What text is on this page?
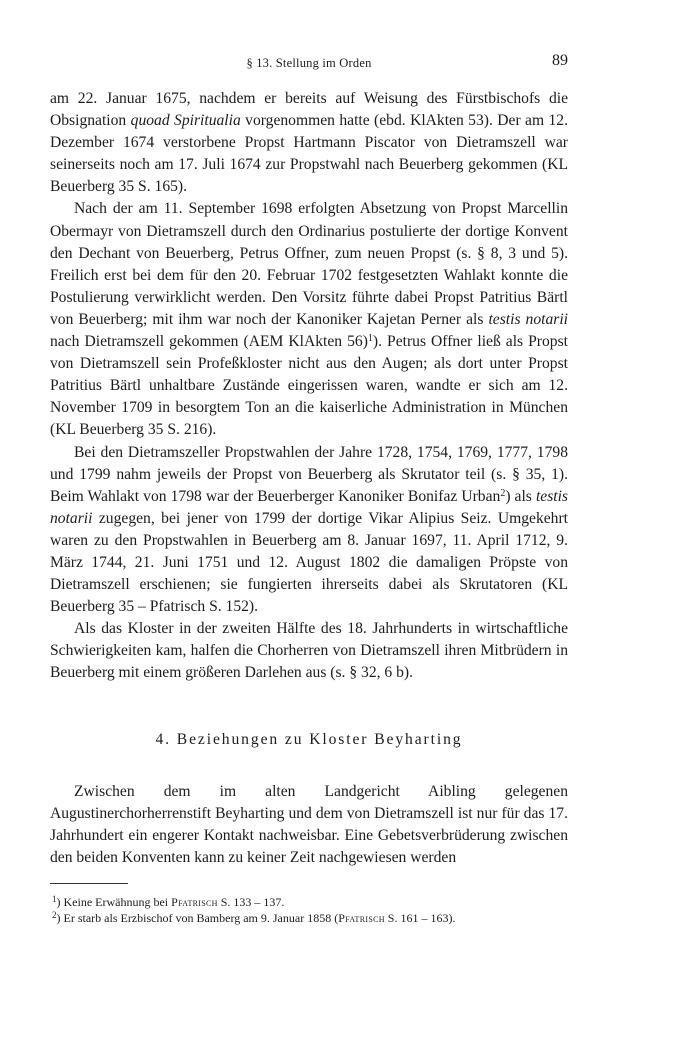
§ 13. Stellung im Orden	89

am 22. Januar 1675, nachdem er bereits auf Weisung des Fürstbischofs die Obsignation quoad Spiritualia vorgenommen hatte (ebd. KlAkten 53). Der am 12. Dezember 1674 verstorbene Propst Hartmann Piscator von Dietramszell war seinerseits noch am 17. Juli 1674 zur Propstwahl nach Beuerberg gekommen (KL Beuerberg 35 S. 165).

Nach der am 11. September 1698 erfolgten Absetzung von Propst Marcellin Obermayr von Dietramszell durch den Ordinarius postulierte der dortige Konvent den Dechant von Beuerberg, Petrus Offner, zum neuen Propst (s. § 8, 3 und 5). Freilich erst bei dem für den 20. Februar 1702 festgesetzten Wahlakt konnte die Postulierung verwirklicht werden. Den Vorsitz führte dabei Propst Patritius Bärtl von Beuerberg; mit ihm war noch der Kanoniker Kajetan Perner als testis notarii nach Dietramszell gekommen (AEM KlAkten 56)$^1$). Petrus Offner ließ als Propst von Dietramszell sein Profeßkloster nicht aus den Augen; als dort unter Propst Patritius Bärtl unhaltbare Zustände eingerissen waren, wandte er sich am 12. November 1709 in besorgtem Ton an die kaiserliche Administration in München (KL Beuerberg 35 S. 216).

Bei den Dietramszeller Propstwahlen der Jahre 1728, 1754, 1769, 1777, 1798 und 1799 nahm jeweils der Propst von Beuerberg als Skrutator teil (s. § 35, 1). Beim Wahlakt von 1798 war der Beuerberger Kanoniker Bonifaz Urban$^2$) als testis notarii zugegen, bei jener von 1799 der dortige Vikar Alipius Seiz. Umgekehrt waren zu den Propstwahlen in Beuerberg am 8. Januar 1697, 11. April 1712, 9. März 1744, 21. Juni 1751 und 12. August 1802 die damaligen Pröpste von Dietramszell erschienen; sie fungierten ihrerseits dabei als Skrutatoren (KL Beuerberg 35 – Pfatrisch S. 152).

Als das Kloster in der zweiten Hälfte des 18. Jahrhunderts in wirtschaftliche Schwierigkeiten kam, halfen die Chorherren von Dietramszell ihren Mitbrüdern in Beuerberg mit einem größeren Darlehen aus (s. § 32, 6 b).

4. Beziehungen zu Kloster Beyharting

Zwischen dem im alten Landgericht Aibling gelegenen Augustinerchorherrenstift Beyharting und dem von Dietramszell ist nur für das 17. Jahrhundert ein engerer Kontakt nachweisbar. Eine Gebetsverbrüderung zwischen den beiden Konventen kann zu keiner Zeit nachgewiesen werden

$^1$) Keine Erwähnung bei Pfatrisch S. 133 – 137.

$^2$) Er starb als Erzbischof von Bamberg am 9. Januar 1858 (Pfatrisch S. 161 – 163).
